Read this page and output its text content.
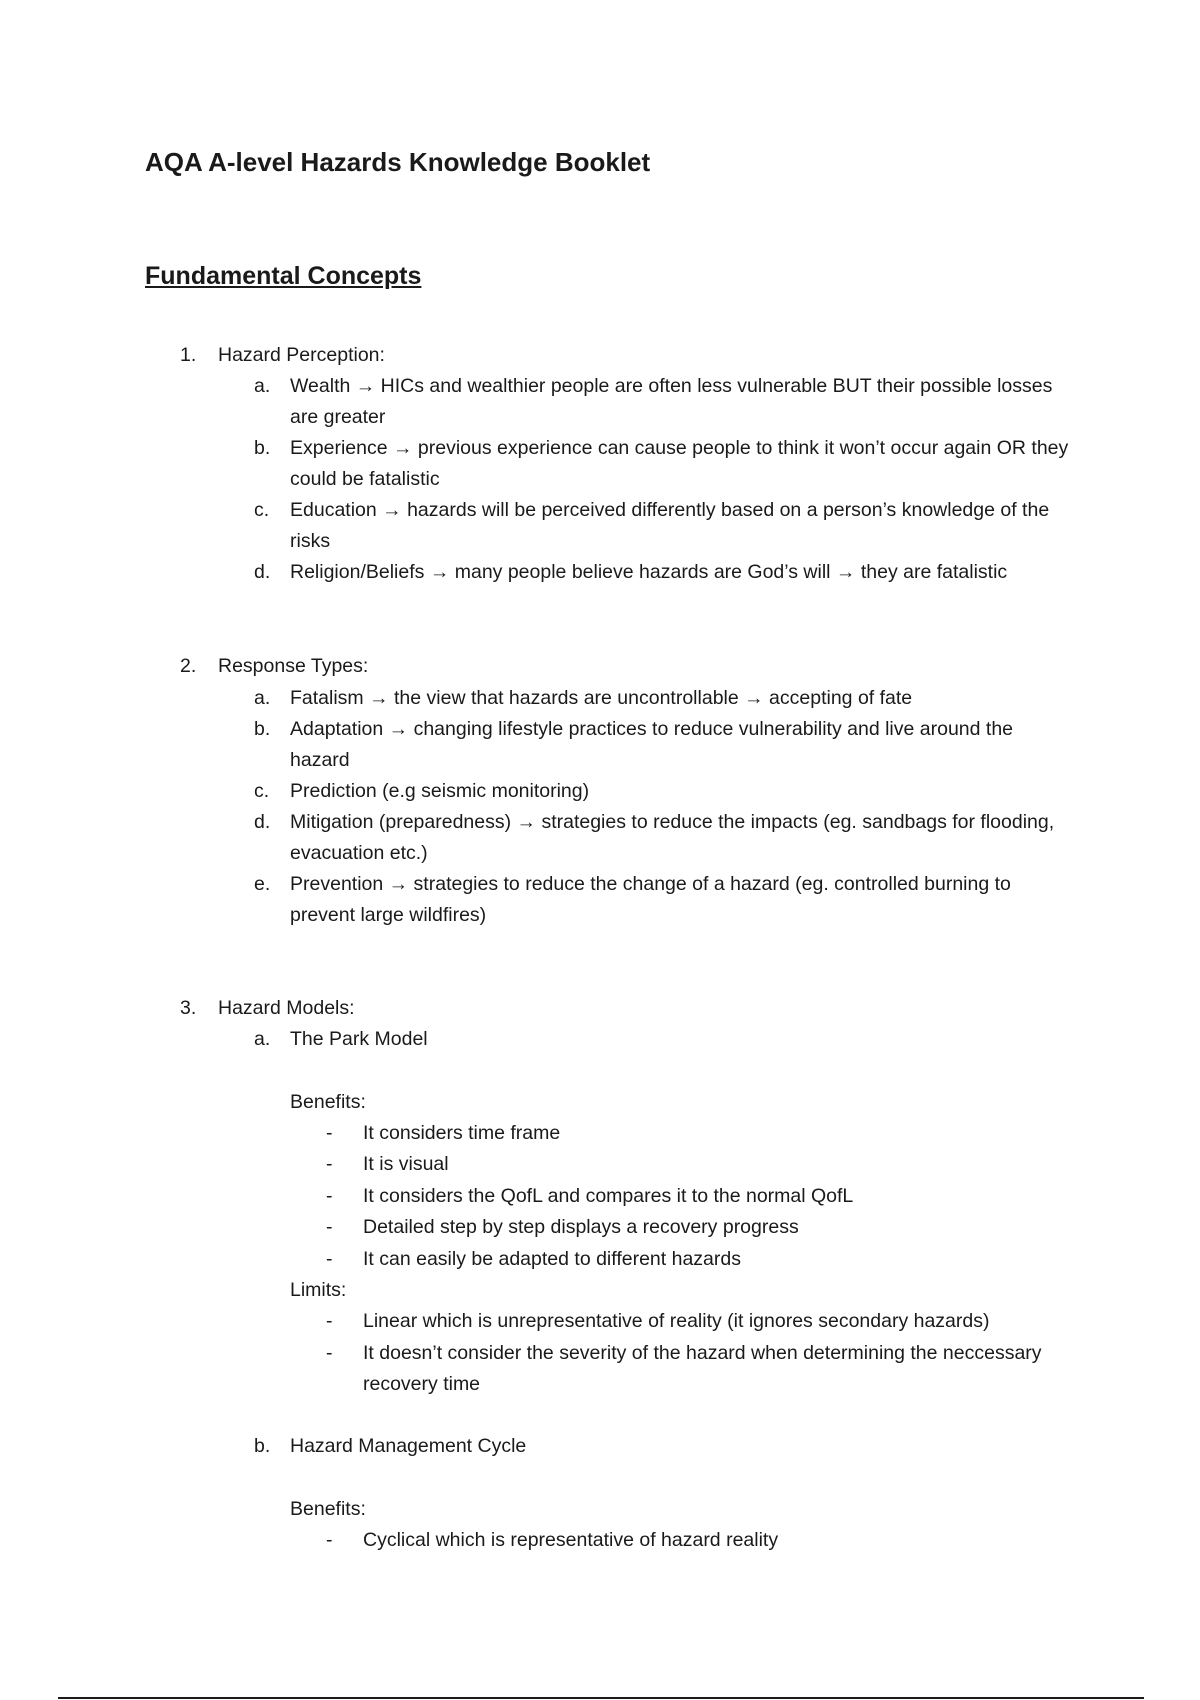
AQA A-level Hazards Knowledge Booklet
Fundamental Concepts
1. Hazard Perception:
a. Wealth → HICs and wealthier people are often less vulnerable BUT their possible losses are greater
b. Experience → previous experience can cause people to think it won’t occur again OR they could be fatalistic
c. Education → hazards will be perceived differently based on a person’s knowledge of the risks
d. Religion/Beliefs → many people believe hazards are God’s will → they are fatalistic
2. Response Types:
a. Fatalism → the view that hazards are uncontrollable → accepting of fate
b. Adaptation → changing lifestyle practices to reduce vulnerability and live around the hazard
c. Prediction (e.g seismic monitoring)
d. Mitigation (preparedness) → strategies to reduce the impacts (eg. sandbags for flooding, evacuation etc.)
e. Prevention → strategies to reduce the change of a hazard (eg. controlled burning to prevent large wildfires)
3. Hazard Models:
a. The Park Model
Benefits:
- It considers time frame
- It is visual
- It considers the QofL and compares it to the normal QofL
- Detailed step by step displays a recovery progress
- It can easily be adapted to different hazards
Limits:
- Linear which is unrepresentative of reality (it ignores secondary hazards)
- It doesn’t consider the severity of the hazard when determining the neccessary recovery time
b. Hazard Management Cycle
Benefits:
- Cyclical which is representative of hazard reality
